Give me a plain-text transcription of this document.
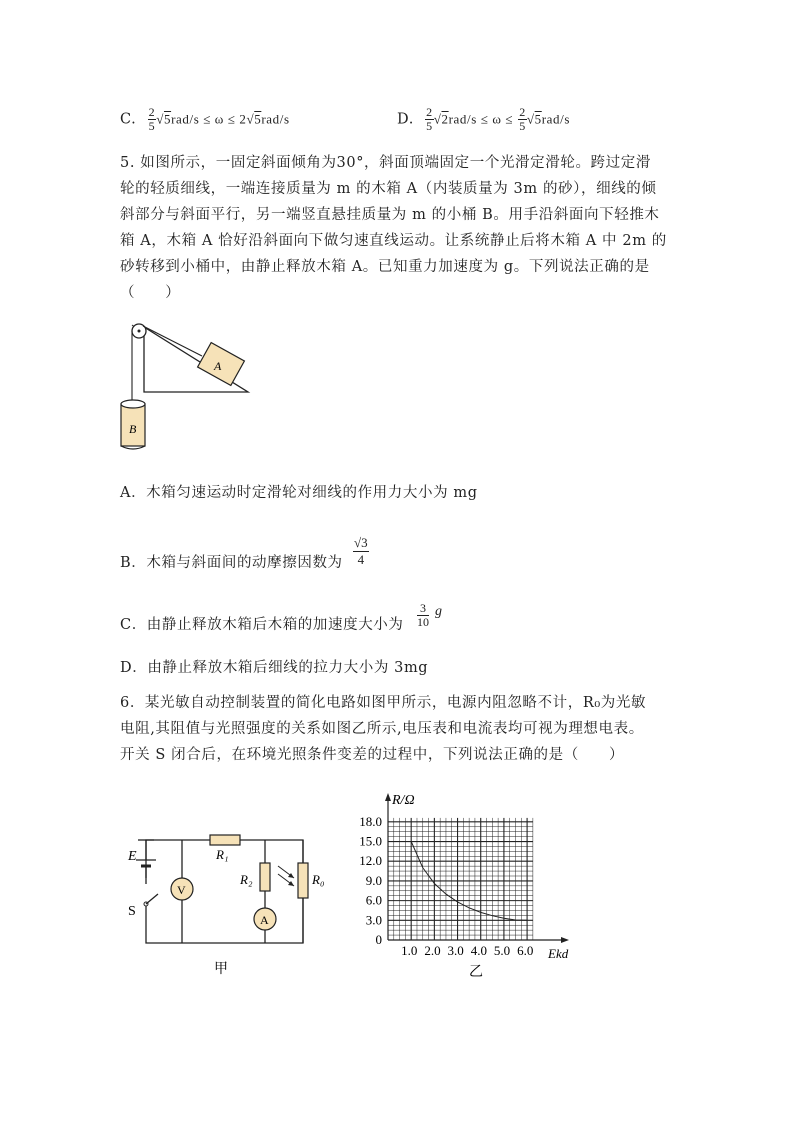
C. $\frac{2}{5} √5rad/s \le \omega \le 2√5rad/s$	D. $\frac{2}{5} √2rad/s \le \omega \le \frac{2}{5} √5rad/s$
5. 如图所示，一固定斜面倾角为30°，斜面顶端固定一个光滑定滑轮。跨过定滑
轮的轻质细线，一端连接质量为 m 的木箱 A（内装质量为 3m 的砂），细线的倾
斜部分与斜面平行，另一端竖直悬挂质量为 m 的小桶 B。用手沿斜面向下轻推木
箱 A，木箱 A 恰好沿斜面向下做匀速直线运动。让系统静止后将木箱 A 中 2m 的
砂转移到小桶中，由静止释放木箱 A。已知重力加速度为 g。下列说法正确的是
（　　）
A
B
A．木箱匀速运动时定滑轮对细线的作用力大小为 mg
B．木箱与斜面间的动摩擦因数为 $\frac{√3}{4}$
C．由静止释放木箱后木箱的加速度大小为 $\frac{3}{10}$ g
D．由静止释放木箱后细线的拉力大小为 3mg
6．某光敏自动控制装置的简化电路如图甲所示，电源内阻忽略不计，R₀为光敏
电阻,其阻值与光照强度的关系如图乙所示,电压表和电流表均可视为理想电表。
开关 S 闭合后，在环境光照条件变差的过程中，下列说法正确的是（　　）
V
A
E
S
R₁
R₂	R₀
甲
1.0 2.0 3.0 4.0 5.0 6.0
0
3.0
6.0
9.0
12.0
15.0
18.0
R/Ω
Ekd
乙
